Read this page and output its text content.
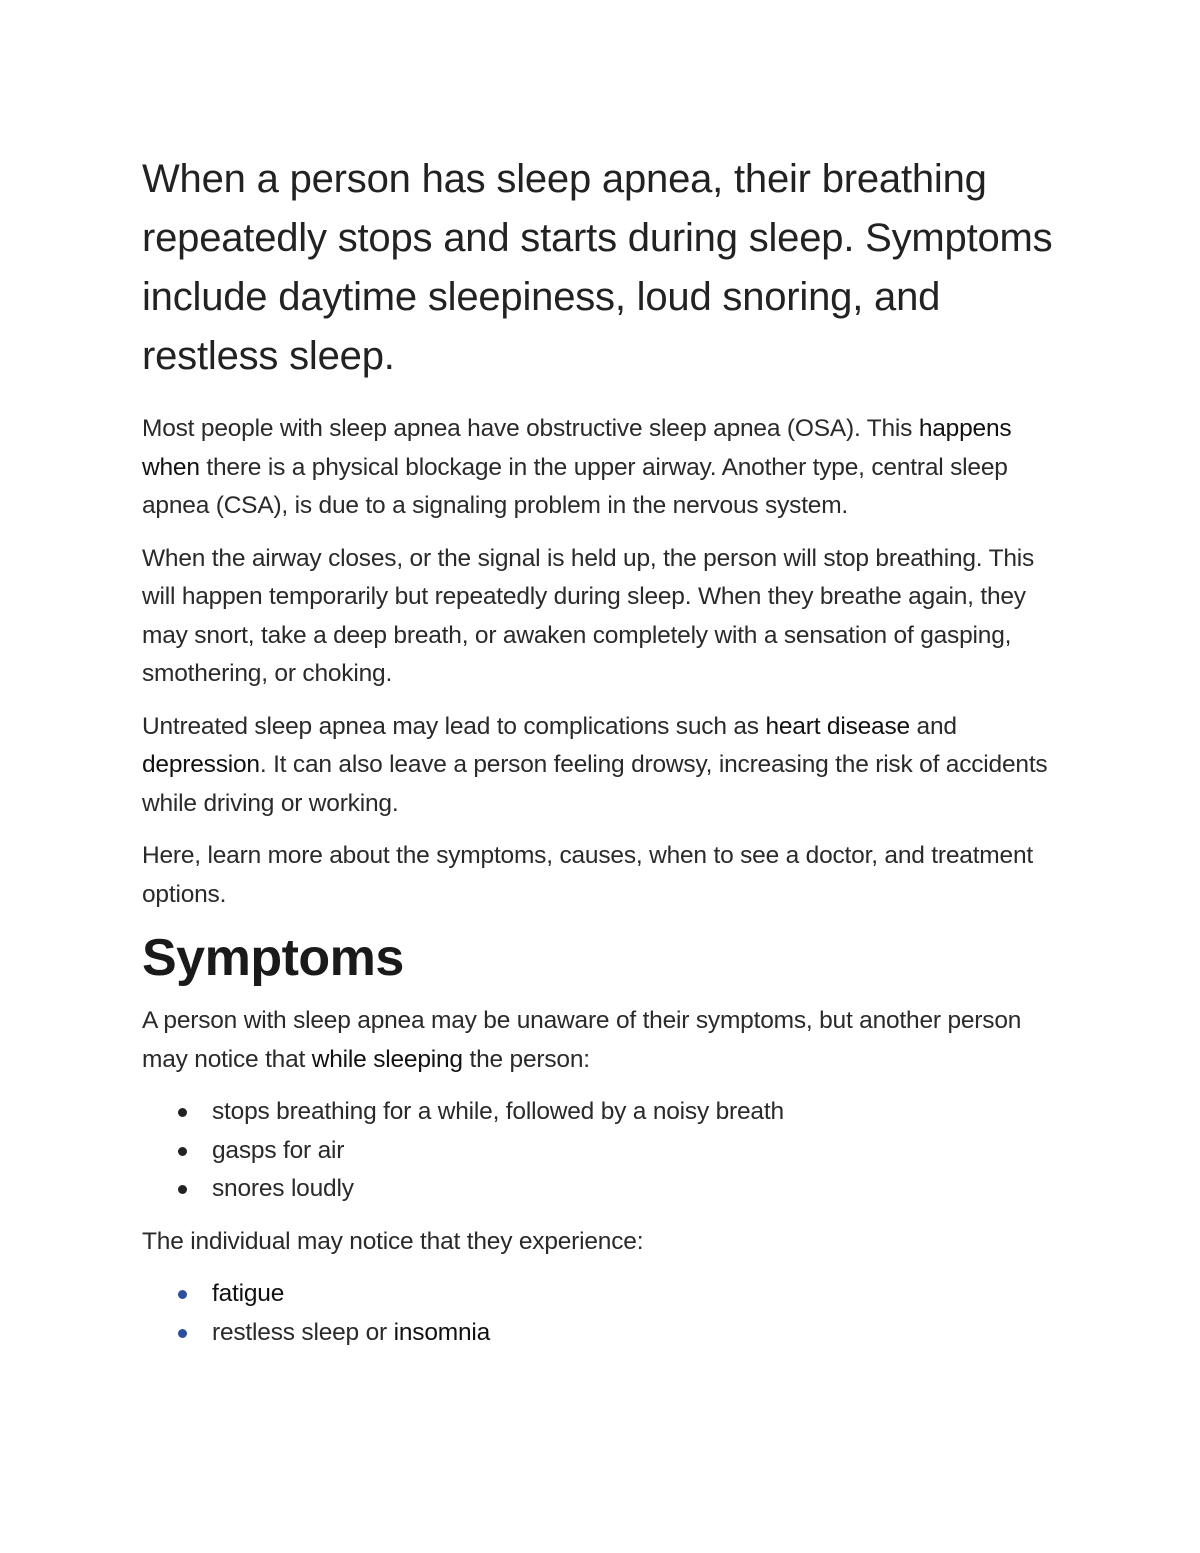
When a person has sleep apnea, their breathing repeatedly stops and starts during sleep. Symptoms include daytime sleepiness, loud snoring, and restless sleep.

Most people with sleep apnea have obstructive sleep apnea (OSA). This happens when there is a physical blockage in the upper airway. Another type, central sleep apnea (CSA), is due to a signaling problem in the nervous system.

When the airway closes, or the signal is held up, the person will stop breathing. This will happen temporarily but repeatedly during sleep. When they breathe again, they may snort, take a deep breath, or awaken completely with a sensation of gasping, smothering, or choking.

Untreated sleep apnea may lead to complications such as heart disease and depression. It can also leave a person feeling drowsy, increasing the risk of accidents while driving or working.

Here, learn more about the symptoms, causes, when to see a doctor, and treatment options.

Symptoms

A person with sleep apnea may be unaware of their symptoms, but another person may notice that while sleeping the person:

stops breathing for a while, followed by a noisy breath
gasps for air
snores loudly

The individual may notice that they experience:

fatigue
restless sleep or insomnia
